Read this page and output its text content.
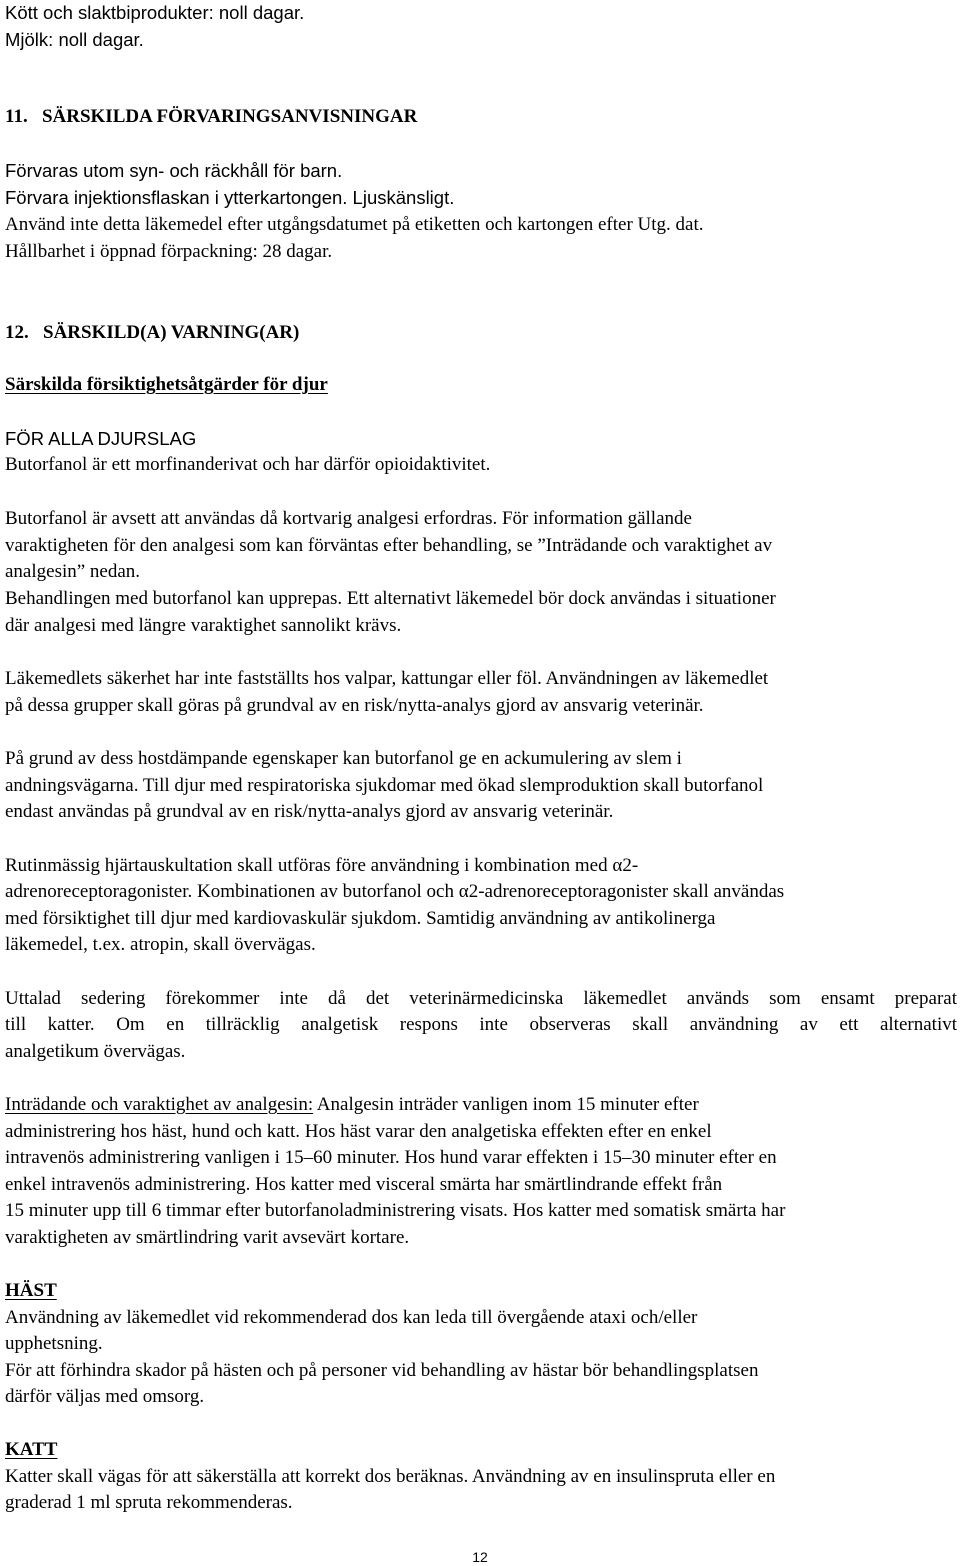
Kött och slaktbiprodukter: noll dagar.
Mjölk: noll dagar.
11.   SÄRSKILDA FÖRVARINGSANVISNINGAR
Förvaras utom syn- och räckhåll för barn.
Förvara injektionsflaskan i ytterkartongen. Ljuskänsligt.
Använd inte detta läkemedel efter utgångsdatumet på etiketten och kartongen efter Utg. dat.
Hållbarhet i öppnad förpackning: 28 dagar.
12.   SÄRSKILD(A) VARNING(AR)
Särskilda försiktighetsåtgärder för djur
FÖR ALLA DJURSLAG
Butorfanol är ett morfinanderivat och har därför opioidaktivitet.
Butorfanol är avsett att användas då kortvarig analgesi erfordras. För information gällande
varaktigheten för den analgesi som kan förväntas efter behandling, se ”Inträdande och varaktighet av
analgesin” nedan.
Behandlingen med butorfanol kan upprepas. Ett alternativt läkemedel bör dock användas i situationer
där analgesi med längre varaktighet sannolikt krävs.
Läkemedlets säkerhet har inte fastställts hos valpar, kattungar eller föl. Användningen av läkemedlet
på dessa grupper skall göras på grundval av en risk/nytta-analys gjord av ansvarig veterinär.
På grund av dess hostdämpande egenskaper kan butorfanol ge en ackumulering av slem i
andningsvägarna. Till djur med respiratoriska sjukdomar med ökad slemproduktion skall butorfanol
endast användas på grundval av en risk/nytta-analys gjord av ansvarig veterinär.
Rutinmässig hjärtauskultation skall utföras före användning i kombination med α2-
adrenoreceptoragonister. Kombinationen av butorfanol och α2-adrenoreceptoragonister skall användas
med försiktighet till djur med kardiovaskulär sjukdom. Samtidig användning av antikolinerga
läkemedel, t.ex. atropin, skall övervägas.
Uttalad sedering förekommer inte då det veterinärmedicinska läkemedlet används som ensamt preparat
till katter. Om en tillräcklig analgetisk respons inte observeras skall användning av ett alternativt
analgetikum övervägas.
Inträdande och varaktighet av analgesin: Analgesin inträder vanligen inom 15 minuter efter
administrering hos häst, hund och katt. Hos häst varar den analgetiska effekten efter en enkel
intravenös administrering vanligen i 15–60 minuter. Hos hund varar effekten i 15–30 minuter efter en
enkel intravenös administrering. Hos katter med visceral smärta har smärtlindrande effekt från
15 minuter upp till 6 timmar efter butorfanoladministrering visats. Hos katter med somatisk smärta har
varaktigheten av smärtlindring varit avsevärt kortare.
HÄST
Användning av läkemedlet vid rekommenderad dos kan leda till övergående ataxi och/eller
upphetsning.
För att förhindra skador på hästen och på personer vid behandling av hästar bör behandlingsplatsen
därför väljas med omsorg.
KATT
Katter skall vägas för att säkerställa att korrekt dos beräknas. Användning av en insulinspruta eller en
graderad 1 ml spruta rekommenderas.
12
